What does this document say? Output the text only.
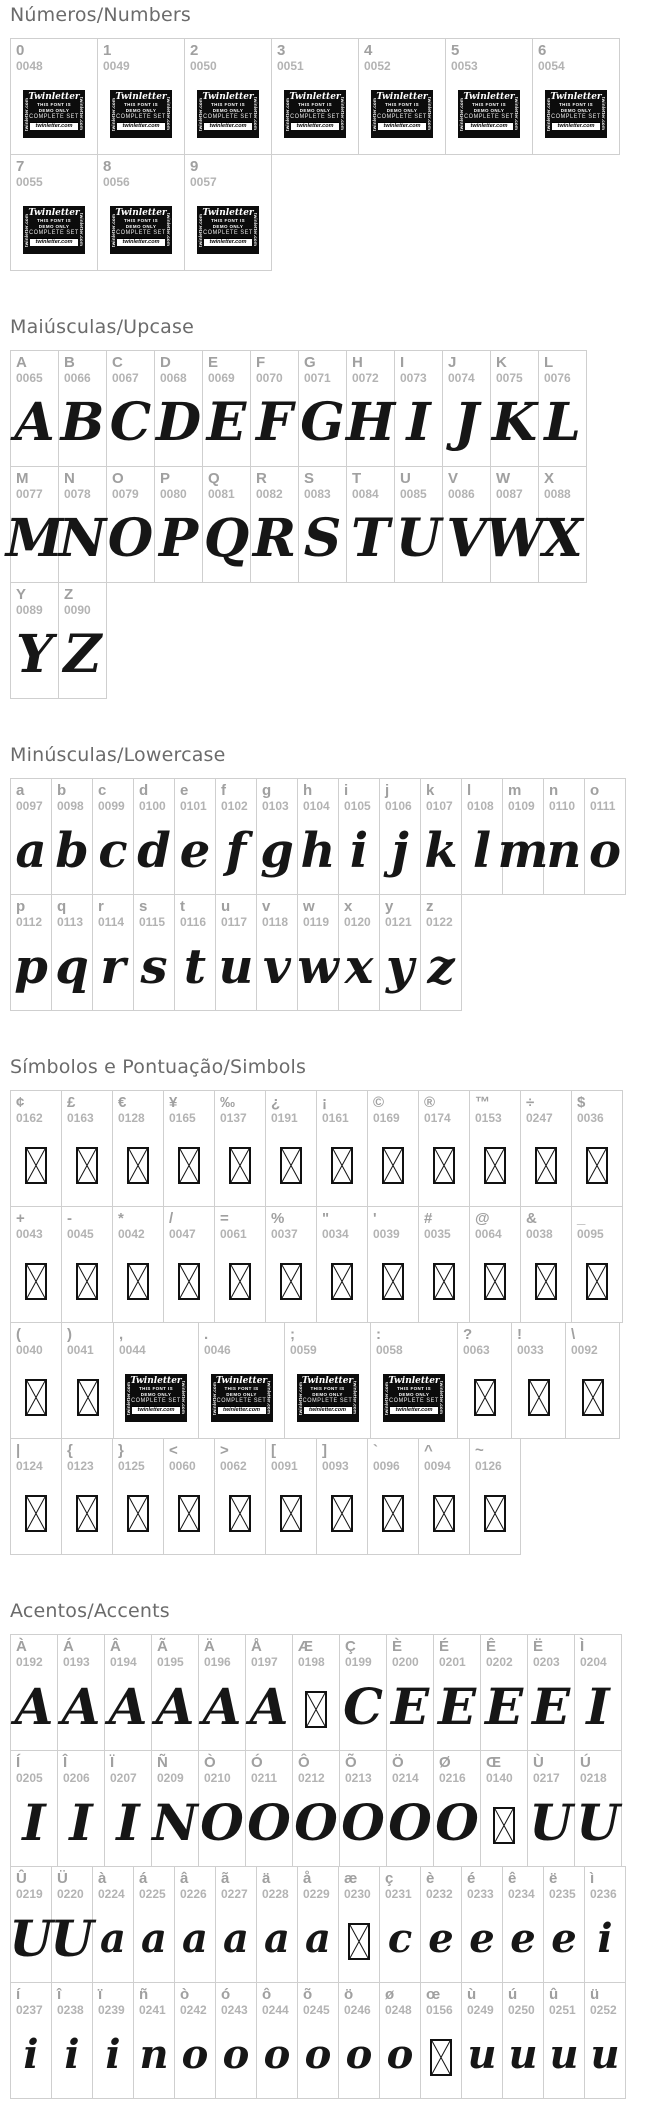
Números/Numbers
0
0048
twinletter.com
Twinletter
THIS FONT IS
DEMO ONLY
COMPLETE SET
twinletter.com	twinletter.com
1
0049
twinletter.com
Twinletter
THIS FONT IS
DEMO ONLY
COMPLETE SET
twinletter.com	twinletter.com
2
0050
twinletter.com
Twinletter
THIS FONT IS
DEMO ONLY
COMPLETE SET
twinletter.com	twinletter.com
3
0051
twinletter.com
Twinletter
THIS FONT IS
DEMO ONLY
COMPLETE SET
twinletter.com	twinletter.com
4
0052
twinletter.com
Twinletter
THIS FONT IS
DEMO ONLY
COMPLETE SET
twinletter.com	twinletter.com
5
0053
twinletter.com
Twinletter
THIS FONT IS
DEMO ONLY
COMPLETE SET
twinletter.com	twinletter.com
6
0054
twinletter.com
Twinletter
THIS FONT IS
DEMO ONLY
COMPLETE SET
twinletter.com	twinletter.com
7
0055
twinletter.com
Twinletter
THIS FONT IS
DEMO ONLY
COMPLETE SET
twinletter.com	twinletter.com
8
0056
twinletter.com
Twinletter
THIS FONT IS
DEMO ONLY
COMPLETE SET
twinletter.com	twinletter.com
9
0057
twinletter.com
Twinletter
THIS FONT IS
DEMO ONLY
COMPLETE SET
twinletter.com	twinletter.com
Maiúsculas/Upcase
A
0065
A
B
0066
B
C
0067
C
D
0068
D
E
0069
E
F
0070
F
G
0071
G
H
0072
H
I
0073
I
J
0074
J
K
0075
K
L
0076
L
M
0077
M
N
0078
N
O
0079
O
P
0080
P
Q
0081
Q
R
0082
R
S
0083
S
T
0084
T
U
0085
U
V
0086
V
W
0087
W
X
0088
X
Y
0089
Y
Z
0090
Z
Minúsculas/Lowercase
a
0097
a
b
0098
b
c
0099
c
d
0100
d
e
0101
e
f
0102
f
g
0103
g
h
0104
h
i
0105
i
j
0106
j
k
0107
k
l
0108
l
m
0109
m
n
0110
n
o
0111
o
p
0112
p
q
0113
q
r
0114
r
s
0115
s
t
0116
t
u
0117
u
v
0118
v
w
0119
w
x
0120
x
y
0121
y
z
0122
z
Símbolos e Pontuação/Simbols
¢
0162
£
0163
€
0128
¥
0165
‰
0137
¿
0191
¡
0161
©
0169
®
0174
™
0153
÷
0247
$
0036
+
0043
-
0045
*
0042
/
0047
=
0061
%
0037
"
0034
'
0039
#
0035
@
0064
&
0038
_
0095
(
0040
)
0041
,
0044
twinletter.com
Twinletter
THIS FONT IS
DEMO ONLY
COMPLETE SET
twinletter.com	twinletter.com
.
0046
twinletter.com
Twinletter
THIS FONT IS
DEMO ONLY
COMPLETE SET
twinletter.com	twinletter.com
;
0059
twinletter.com
Twinletter
THIS FONT IS
DEMO ONLY
COMPLETE SET
twinletter.com	twinletter.com
:
0058
twinletter.com
Twinletter
THIS FONT IS
DEMO ONLY
COMPLETE SET
twinletter.com	twinletter.com
?
0063
!
0033
\
0092
|
0124
{
0123
}
0125
<
0060
>
0062
[
0091
]
0093
`
0096
^
0094
~
0126
Acentos/Accents
À
0192
A
Á
0193
A
Â
0194
A
Ã
0195
A
Ä
0196
A
Å
0197
A
Æ
0198
Ç
0199
C
È
0200
E
É
0201
E
Ê
0202
E
Ë
0203
E
Ì
0204
I
Í
0205
I
Î
0206
I
Ï
0207
I
Ñ
0209
N
Ò
0210
O
Ó
0211
O
Ô
0212
O
Õ
0213
O
Ö
0214
O
Ø
0216
O
Œ
0140
Ù
0217
U
Ú
0218
U
Û
0219
U
Ü
0220
U
à
0224
a
á
0225
a
â
0226
a
ã
0227
a
ä
0228
a
å
0229
a
æ
0230
ç
0231
c
è
0232
e
é
0233
e
ê
0234
e
ë
0235
e
ì
0236
i
í
0237
i
î
0238
i
ï
0239
i
ñ
0241
n
ò
0242
o
ó
0243
o
ô
0244
o
õ
0245
o
ö
0246
o
ø
0248
o
œ
0156
ù
0249
u
ú
0250
u
û
0251
u
ü
0252
u
